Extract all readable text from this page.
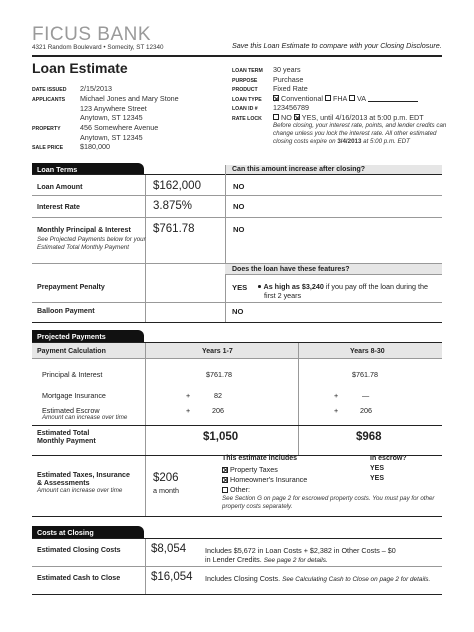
FICUS BANK
4321 Random Boulevard • Somecity, ST 12340	Save this Loan Estimate to compare with your Closing Disclosure.
Loan Estimate
DATE ISSUED 2/15/2013
APPLICANTS Michael Jones and Mary Stone
123 Anywhere Street
Anytown, ST 12345
PROPERTY	456 Somewhere Avenue
Anytown, ST 12345
SALE PRICE $180,000
LOAN TERM 30 years
PURPOSE Purchase
PRODUCT Fixed Rate
LOAN TYPE	Conventional FHA VA
LOAN ID # 123456789
RATE LOCK	NO YES, until 4/16/2013 at 5:00 p.m. EDT
Before closing, your interest rate, points, and lender credits can
change unless you lock the interest rate. All other estimated
closing costs expire on 3/4/2013 at 5:00 p.m. EDT
Loan Terms	Can this amount increase after closing?
Loan Amount	$162,000	NO
Interest Rate	3.875%	NO
Monthly Principal & Interest $761.78	NO
See Projected Payments below for your
Estimated Total Monthly Payment
Does the loan have these features?
Prepayment Penalty	YES	As high as $3,240 if you pay off the loan during the
first 2 years
Balloon Payment	NO
Projected Payments
Payment Calculation	Years 1-7	Years 8-30
Principal & Interest	$761.78	$761.78
Mortgage Insurance	+	82	+	—
Estimated Escrow
Amount can increase over time
+	206	+	206
Estimated Total
Monthly Payment	$1,050	$968
Estimated Taxes, Insurance
& Assessments
Amount can increase over time
$206
a month
This estimate includes	In escrow?
Property Taxes	YES
Homeowner's Insurance	YES
Other:
See Section G on page 2 for escrowed property costs. You must pay for other
property costs separately.
Costs at Closing
Estimated Closing Costs	$8,054	Includes $5,672 in Loan Costs + $2,382 in Other Costs – $0
in Lender Credits. See page 2 for details.
Estimated Cash to Close	$16,054 Includes Closing Costs. See Calculating Cash to Close on page 2 for details.
